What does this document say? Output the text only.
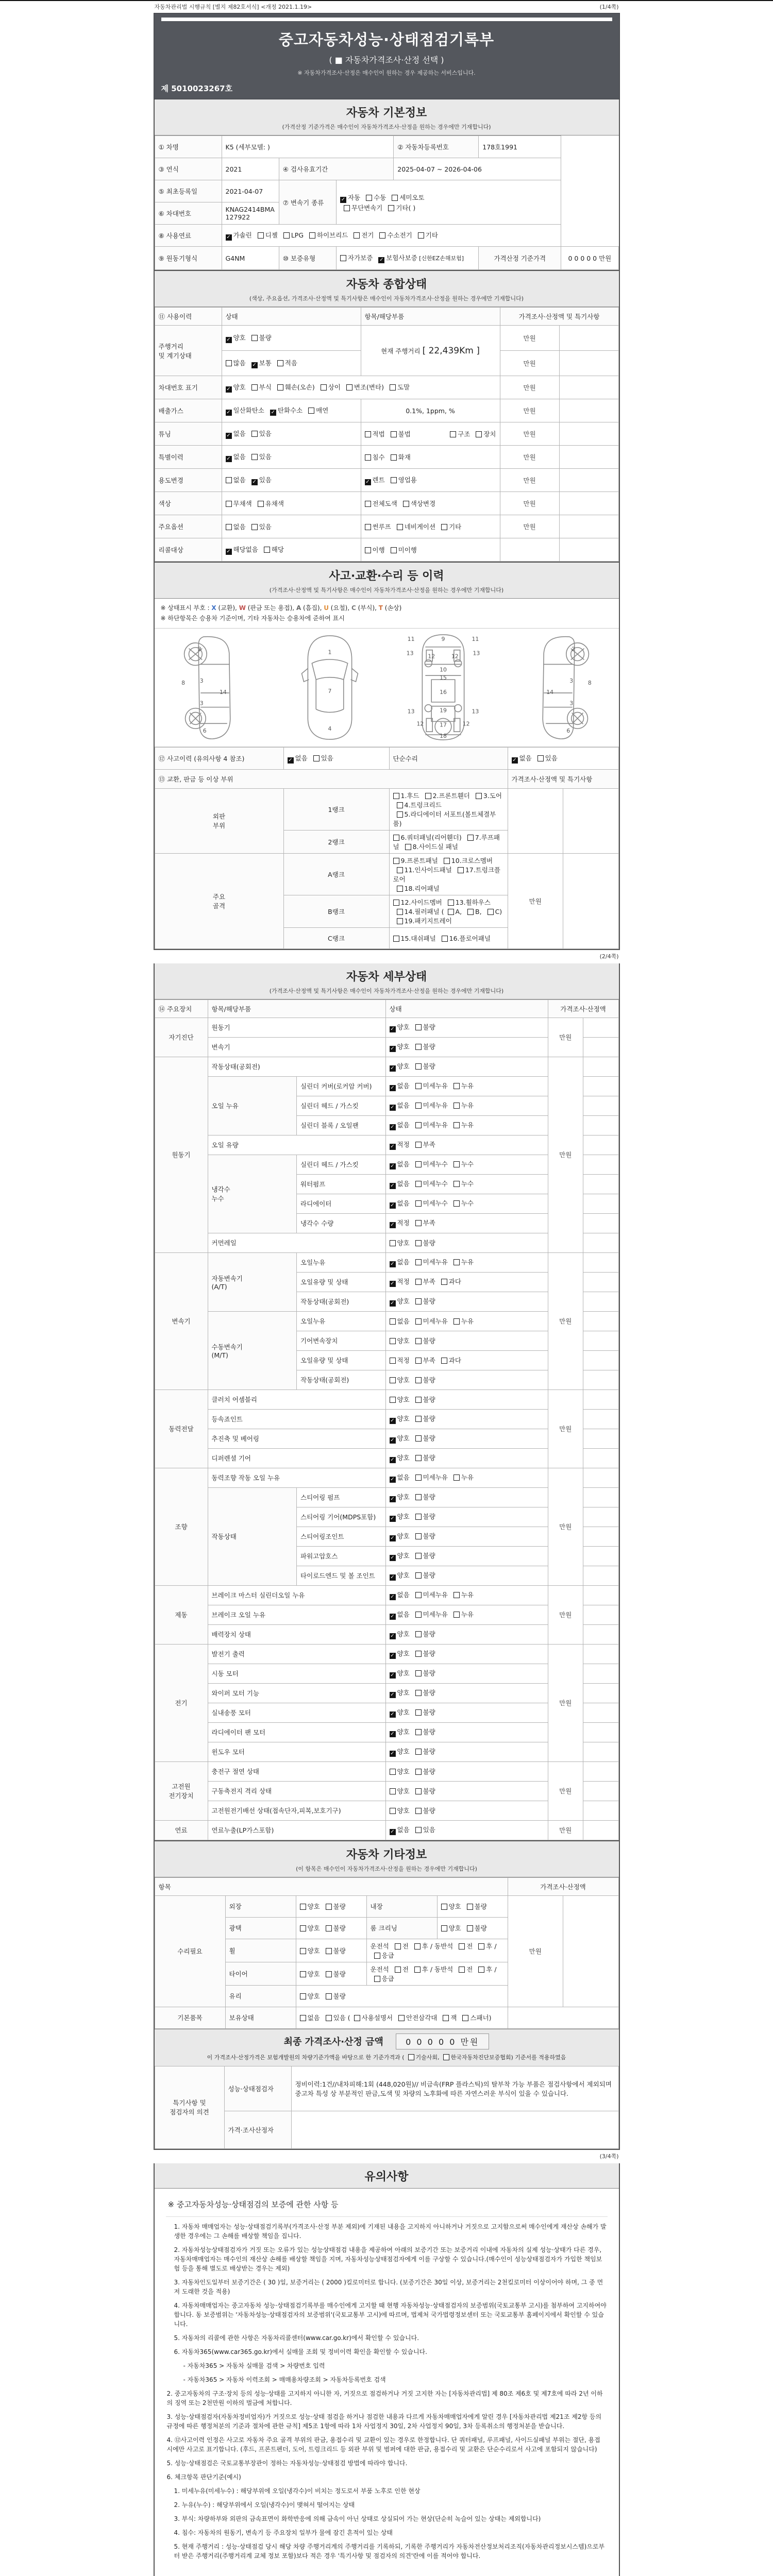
자동차관리법 시행규칙 [별지 제82호서식] <개정 2021.1.19>	(1/4쪽)
중고자동차성능·상태점검기록부
( ■ 자동차가격조사·산정 선택 )
※ 자동차가격조사·산정은 매수인이 원하는 경우 제공하는 서비스입니다.
제 5010023267호
자동차 기본정보
(가격산정 기준가격은 매수인이 자동차가격조사·산정을 원하는 경우에만 기재합니다)
① 차명	K5 (세부모델: )			② 자동차등록번호	178호1991	
③ 연식	2021	④ 검사유효기간		2025-04-07 ~ 2026-04-06		
⑤ 최초등록일	2021-04-07	⑦ 변속기 종류	✓ 자동 수동 세미오토
무단변속기 기타( )			
⑥ 차대번호	KNAG2414BMA127922					
⑧ 사용연료	✓ 가솔린 디젤 LPG 하이브리드 전기 수소전기 기타					
⑨ 원동기형식	G4NM	⑩ 보증유형	자가보증 ✓ 보험사보증 [신한EZ손해보험]		가격산정 기준가격	0 0 0 0 0 만원
자동차 종합상태
(색상, 주요옵션, 가격조사·산정액 및 특기사항은 매수인이 자동차가격조사·산정을 원하는 경우에만 기재합니다)
⑪ 사용이력	상태	항목/해당부품	가격조사·산정액 및 특기사항	
주행거리
및 계기상태	✓ 양호 불량	현재 주행거리 [ 22,439Km ]	만원	
	많음 ✓ 보통 적음		만원	
차대번호 표기	✓ 양호 부식 훼손(오손) 상이 변조(변타) 도말		만원	
배출가스	✓ 일산화탄소 ✓ 탄화수소 매연	0.1%, 1ppm, %	만원	
튜닝	✓ 없음 있음	적법 불법 구조 장치	만원	
특별이력	✓ 없음 있음	침수 화재	만원	
용도변경	없음 ✓ 있음	✓ 렌트 영업용	만원	
색상	무채색 유채색	전체도색 색상변경	만원	
주요옵션	없음 있음	썬루프 네비게이션 기타	만원	
리콜대상	✓ 해당없음 해당	이행 미이행		
사고·교환·수리 등 이력
(가격조사·산정액 및 특기사항은 매수인이 자동차가격조사·산정을 원하는 경우에만 기재합니다)
※ 상태표시 부호 : X (교환), W (판금 또는 용접), A (흠집), U (요철), C (부식), T (손상)
※ 하단항목은 승용차 기준이며, 기타 자동차는 승용차에 준하여 표시
2
8	3
14
3
6
1
7
4
11	9	11
13	13
12	12
10
15
16
13	19	13
12	17	12
18
2
8
3
14
3
6
⑫ 사고이력 (유의사항 4 참조)	✓ 없음 있음	단순수리	✓ 없음 있음	
⑬ 교환, 판금 등 이상 부위			가격조사·산정액 및 특기사항	
외판
부위	1랭크	1.후드 2.프론트휀더 3.도어 4.트렁크리드
5.라디에이터 서포트(볼트체결부품)		
	2랭크	6.쿼터패널(리어휀더) 7.루프패널 8.사이드실 패널		
주요
골격	A랭크	9.프론트패널 10.크로스멤버 11.인사이드패널 17.트렁크플로어
18.리어패널	만원	
	B랭크	12.사이드멤버 13.휠하우스 14.필러패널 ( A, B, C)
19.패키지트레이		
	C랭크	15.대쉬패널 16.플로어패널		
(2/4쪽)
자동차 세부상태
(가격조사·산정액 및 특기사항은 매수인이 자동차가격조사·산정을 원하는 경우에만 기재합니다)
⑭ 주요장치	항목/해당부품		상태	가격조사·산정액	
자기진단	원동기		✓ 양호 불량	만원	
	변속기		✓ 양호 불량		
원동기	작동상태(공회전)		✓ 양호 불량	만원	
	오일 누유	실린더 커버(로커암 커버)	✓ 없음 미세누유 누유		
		실린더 헤드 / 가스킷	✓ 없음 미세누유 누유		
		실린더 블록 / 오일팬	✓ 없음 미세누유 누유		
	오일 유량		✓ 적정 부족		
	냉각수
누수	실린더 헤드 / 가스킷	✓ 없음 미세누수 누수		
		워터펌프	✓ 없음 미세누수 누수		
		라디에이터	✓ 없음 미세누수 누수		
		냉각수 수량	✓ 적정 부족		
	커먼레일		양호 불량		
변속기	자동변속기
(A/T)	오일누유	✓ 없음 미세누유 누유	만원	
		오일유량 및 상태	✓ 적정 부족 과다		
		작동상태(공회전)	✓ 양호 불량		
	수동변속기
(M/T)	오일누유	없음 미세누유 누유		
		기어변속장치	양호 불량		
		오일유량 및 상태	적정 부족 과다		
		작동상태(공회전)	양호 불량		
동력전달	클러치 어셈블리		양호 불량	만원	
	등속죠인트		✓ 양호 불량		
	추진축 및 베어링		✓ 양호 불량		
	디퍼렌셜 기어		✓ 양호 불량		
조향	동력조향 작동 오일 누유		✓ 없음 미세누유 누유	만원	
	작동상태	스티어링 펌프	✓ 양호 불량		
		스티어링 기어(MDPS포함)	✓ 양호 불량		
		스티어링조인트	✓ 양호 불량		
		파워고압호스	✓ 양호 불량		
		타이로드엔드 및 볼 조인트	✓ 양호 불량		
제동	브레이크 마스터 실린더오일 누유		✓ 없음 미세누유 누유	만원	
	브레이크 오일 누유		✓ 없음 미세누유 누유		
	배력장치 상태		✓ 양호 불량		
전기	발전기 출력		✓ 양호 불량	만원	
	시동 모터		✓ 양호 불량		
	와이퍼 모터 기능		✓ 양호 불량		
	실내송풍 모터		✓ 양호 불량		
	라디에이터 팬 모터		✓ 양호 불량		
	윈도우 모터		✓ 양호 불량		
고전원
전기장치	충전구 절연 상태		양호 불량	만원	
	구동축전지 격리 상태		양호 불량		
	고전원전기배선 상태(접속단자,피복,보호기구)		양호 불량		
연료	연료누출(LP가스포함)		✓ 없음 있음	만원	
자동차 기타정보
(이 항목은 매수인이 자동차가격조사·산정을 원하는 경우에만 기재합니다)
항목					가격조사·산정액	
수리필요	외장	양호 불량	내장	양호 불량	만원	
	광택	양호 불량	룸 크리닝	양호 불량		
	휠	양호 불량	운전석 전 후 / 동반석 전 후 / 응급			
	타이어	양호 불량	운전석 전 후 / 동반석 전 후 / 응급			
	유리	양호 불량				
기본품목	보유상태	없음 있음 ( 사용설명서 안전삼각대 잭 스패너)				
최종 가격조사·산정 금액	0 0 0 0 0 만원
이 가격조사·산정가격은 보험개발원의 차량기준가액을 바탕으로 한 기준가격과 ( 기술사회, 한국자동차진단보증협회) 기준서를 적용하였음
특기사항 및
점검자의 의견	성능·상태점검자	정비이력:1건//내차피해:1회 (448,020원)// 비금속(FRP 플라스틱)의 탈부착 가능 부품은 점검사항에서 제외되며 중고차 특성 상 부분적인 판금,도색 및 차량의 노후화에 따른 자연스러운 부식이 있을 수 있습니다.
	가격·조사산정자	
(3/4쪽)
유의사항
※ 중고자동차성능·상태점검의 보증에 관한 사항 등
1. 자동차 매매업자는 성능·상태점검기록부(가격조사·산정 부분 제외)에 기재된 내용을 고지하지 아니하거나 거짓으로 고지함으로써 매수인에게 재산상 손해가 발생한 경우에는 그 손해를 배상할 책임을 집니다.
2. 자동차성능상태점검자가 거짓 또는 오류가 있는 성능상태점검 내용을 제공하여 아래의 보증기간 또는 보증거리 이내에 자동차의 실제 성능·상태가 다른 경우, 자동차매매업자는 매수인의 재산상 손해를 배상할 책임을 지며, 자동차성능상태점검자에게 이를 구상할 수 있습니다.(매수인이 성능상태점검자가 가입한 책임보험 등을 통해 별도로 배상받는 경우는 제외)
3. 자동차인도일부터 보증기간은 ( 30 )일, 보증거리는 ( 2000 )킬로미터로 합니다. (보증기간은 30일 이상, 보증거리는 2천킬로미터 이상이어야 하며, 그 중 먼저 도래한 것을 적용)
4. 자동차매매업자는 중고자동차 성능·상태점검기록부를 매수인에게 고지할 때 현행 자동차성능·상태점검자의 보증범위(국토교통부 고시)를 첨부하여 고지하여야 합니다. 동 보증범위는 '자동차성능·상태점검자의 보증범위'(국토교통부 고시)에 따르며, 법제처 국가법령정보센터 또는 국토교통부 홈페이지에서 확인할 수 있습니다.
5. 자동차의 리콜에 관한 사항은 자동차리콜센터(www.car.go.kr)에서 확인할 수 있습니다.
6. 자동차365(www.car365.go.kr)에서 실매물 조회 및 정비이력 확인을 확인할 수 있습니다.
- 자동차365 > 자동차 실매물 검색 > 차량번호 입력
- 자동차365 > 자동차 이력조회 > 매매용차량조회 > 자동차등록번호 검색
2. 중고자동차의 구조·장치 등의 성능·상태를 고지하지 아니한 자, 거짓으로 점검하거나 거짓 고지한 자는 [자동차관리법] 제 80조 제6호 및 제7호에 따라 2년 이하의 징역 또는 2천만원 이하의 벌금에 처합니다.
3. 성능·상태점검자(자동차정비업자)가 거짓으로 성능·상태 점검을 하거나 점검한 내용과 다르게 자동차매매업자에게 알린 경우 [자동차관리법 제21조 제2항 등의 규정에 따른 행정처분의 기준과 절차에 관한 규칙] 제5조 1항에 따라 1차 사업정지 30일, 2차 사업정지 90일, 3차 등록취소의 행정처분을 받습니다.
4. ⑫사고이력 인정은 사고로 자동차 주요 골격 부위의 판금, 용접수리 및 교환이 있는 경우로 한정합니다. 단 쿼터패널, 루프패널, 사이드실패널 부위는 절단, 용접 시에만 사고로 표기합니다. (후드, 프론트펜더, 도어, 트렁크리드 등 외판 부위 및 범퍼에 대한 판금, 용접수리 및 교환은 단순수리로서 사고에 포함되지 않습니다)
5. 성능·상태점검은 국토교통부장관이 정하는 자동차성능·상태점검 방법에 따라야 합니다.
6. 체크항목 판단기준(예시)
1. 미세누유(미세누수) : 해당부위에 오일(냉각수)이 비치는 정도로서 부품 노후로 인한 현상
2. 누유(누수) : 해당부위에서 오일(냉각수)이 맺혀서 떨어지는 상태
3. 부식: 차량하부와 외판의 금속표면이 화학반응에 의해 금속이 아닌 상태로 상실되어 가는 현상(단순히 녹슬어 있는 상태는 제외합니다)
4. 침수: 자동차의 원동기, 변속기 등 주요장치 일부가 물에 잠긴 흔적이 있는 상태
5. 현재 주행거리 : 성능·상태점검 당시 해당 차량 주행거리계의 주행거리를 기록하되, 기록한 주행거리가 자동차전산정보처리조직(자동차관리정보시스템)으로부터 받은 주행거리(주행거리계 교체 정보 포함)보다 적은 경우 '특기사항 및 점검자의 의견'란에 이를 적어야 합니다.
